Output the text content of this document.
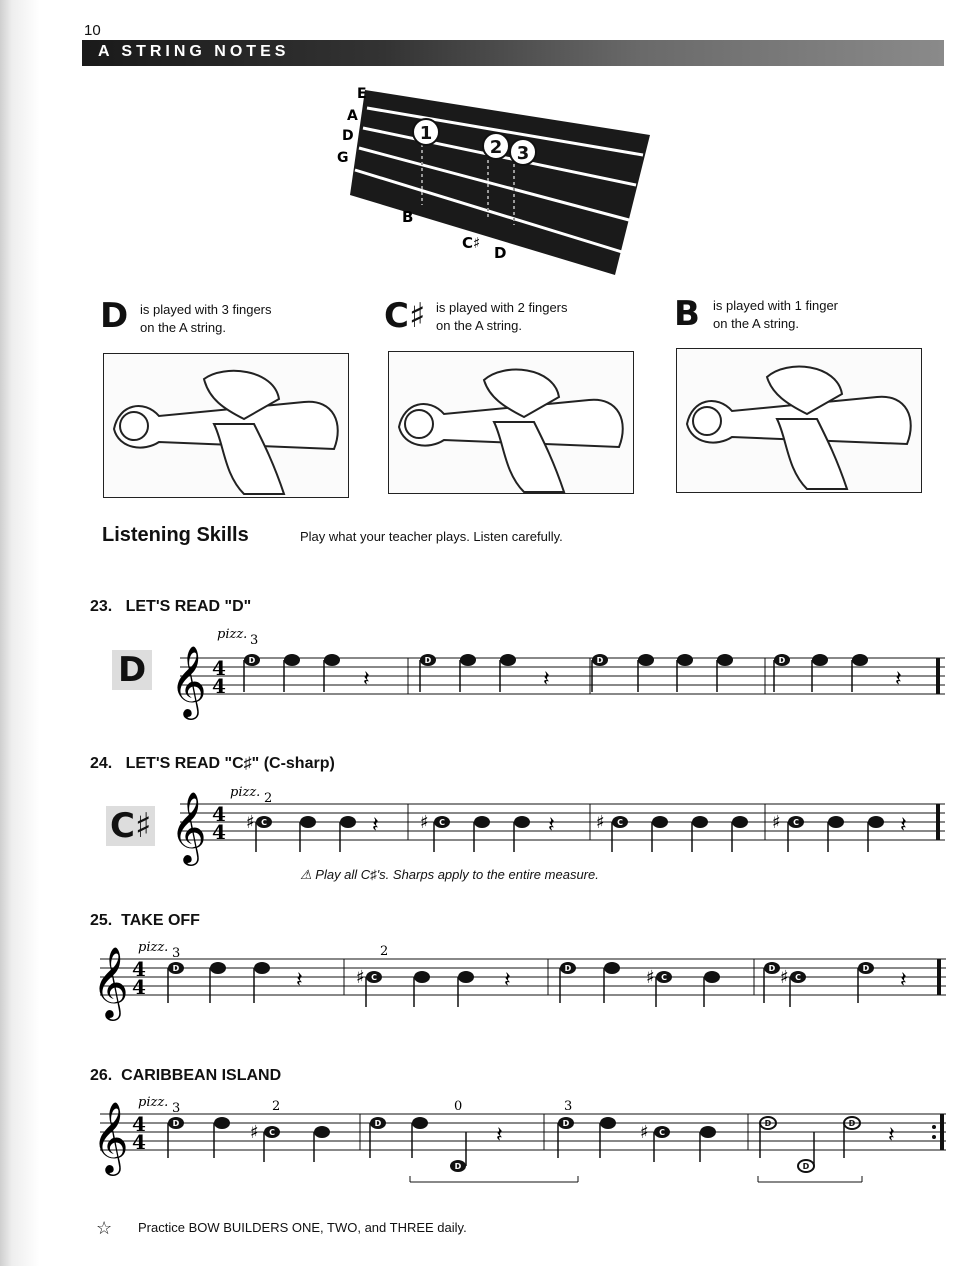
10
A STRING NOTES
1
2 3
E
A
D
G
B
C♯
D
D is played with 3 fingers
on the A string.	C♯ is played with 2 fingers
on the A string.	B is played with 1 finger
on the A string.
Listening Skills	Play what your teacher plays. Listen carefully.
23. LET'S READ "D"
D
pizz. 3
𝄞 4
4
D	D	D	D
𝄽	𝄽	𝄽
24. LET'S READ "C♯" (C-sharp)
C♯
pizz. 2
𝄞 4
4 ♯	♯	♯	♯
C	C	C	C
𝄽	𝄽	𝄽
⚠ Play all C♯'s. Sharps apply to the entire measure.
25. TAKE OFF
pizz. 3	2
𝄞 4
4	♯	♯	♯
D
C
D
C
D
C
D
𝄽	𝄽	𝄽
26. CARIBBEAN ISLAND
pizz. 3	2	0	3
𝄞 4
4	♯	♯
D
C
D
D
D
C
D
D
D
𝄽	𝄽
☆ Practice BOW BUILDERS ONE, TWO, and THREE daily.
